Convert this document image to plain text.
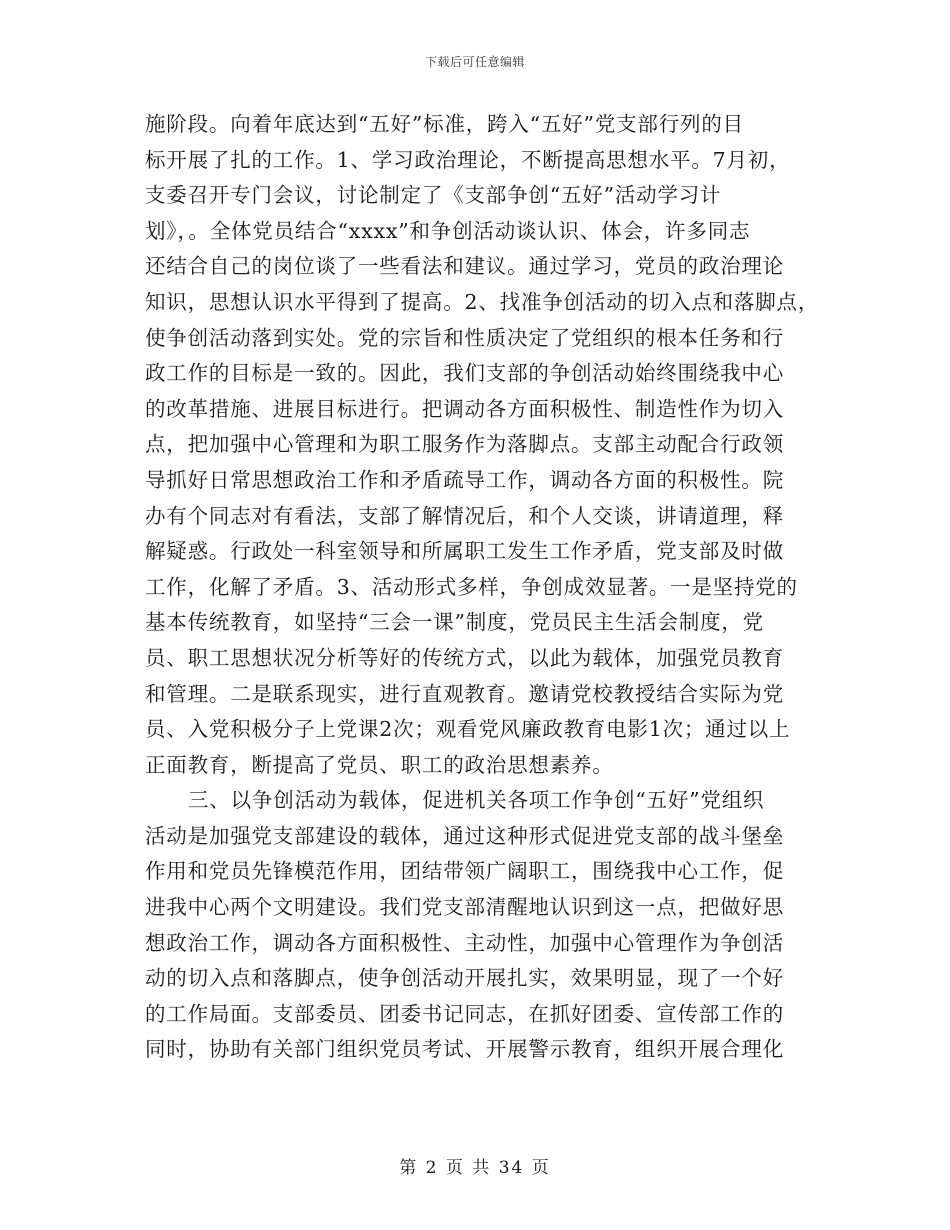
下载后可任意编辑
施阶段。向着年底达到“五好”标准，跨入“五好”党支部行列的目
标开展了扎的工作。1、学习政治理论，不断提高思想水平。7月初，
支委召开专门会议，讨论制定了《支部争创“五好”活动学习计
划》，。全体党员结合“xxxx”和争创活动谈认识、体会，许多同志
还结合自己的岗位谈了一些看法和建议。通过学习，党员的政治理论
知识，思想认识水平得到了提高。2、找准争创活动的切入点和落脚点，
使争创活动落到实处。党的宗旨和性质决定了党组织的根本任务和行
政工作的目标是一致的。因此，我们支部的争创活动始终围绕我中心
的改革措施、进展目标进行。把调动各方面积极性、制造性作为切入
点，把加强中心管理和为职工服务作为落脚点。支部主动配合行政领
导抓好日常思想政治工作和矛盾疏导工作，调动各方面的积极性。院
办有个同志对有看法，支部了解情况后，和个人交谈，讲请道理，释
解疑惑。行政处一科室领导和所属职工发生工作矛盾，党支部及时做
工作，化解了矛盾。3、活动形式多样，争创成效显著。一是坚持党的
基本传统教育，如坚持“三会一课”制度，党员民主生活会制度，党
员、职工思想状况分析等好的传统方式，以此为载体，加强党员教育
和管理。二是联系现实，进行直观教育。邀请党校教授结合实际为党
员、入党积极分子上党课2次；观看党风廉政教育电影1次；通过以上
正面教育，断提高了党员、职工的政治思想素养。
三、以争创活动为载体，促进机关各项工作争创“五好”党组织
活动是加强党支部建设的载体，通过这种形式促进党支部的战斗堡垒
作用和党员先锋模范作用，团结带领广阔职工，围绕我中心工作，促
进我中心两个文明建设。我们党支部清醒地认识到这一点，把做好思
想政治工作，调动各方面积极性、主动性，加强中心管理作为争创活
动的切入点和落脚点，使争创活动开展扎实，效果明显，现了一个好
的工作局面。支部委员、团委书记同志，在抓好团委、宣传部工作的
同时，协助有关部门组织党员考试、开展警示教育，组织开展合理化
第 2 页 共 34 页
